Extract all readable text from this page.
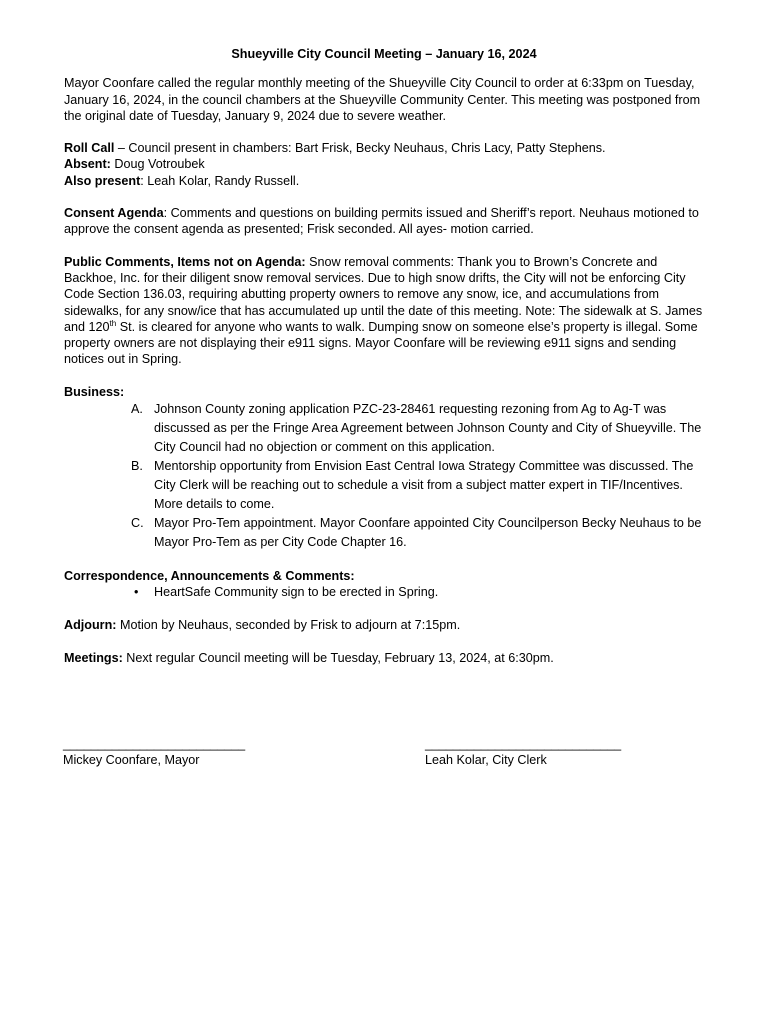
Shueyville City Council Meeting – January 16, 2024

Mayor Coonfare called the regular monthly meeting of the Shueyville City Council to order at 6:33pm on Tuesday, January 16, 2024, in the council chambers at the Shueyville Community Center. This meeting was postponed from the original date of Tuesday, January 9, 2024 due to severe weather.

Roll Call – Council present in chambers: Bart Frisk, Becky Neuhaus, Chris Lacy, Patty Stephens.
Absent: Doug Votroubek
Also present: Leah Kolar, Randy Russell.

Consent Agenda: Comments and questions on building permits issued and Sheriff’s report. Neuhaus motioned to approve the consent agenda as presented; Frisk seconded. All ayes- motion carried.

Public Comments, Items not on Agenda: Snow removal comments: Thank you to Brown’s Concrete and Backhoe, Inc. for their diligent snow removal services. Due to high snow drifts, the City will not be enforcing City Code Section 136.03, requiring abutting property owners to remove any snow, ice, and accumulations from sidewalks, for any snow/ice that has accumulated up until the date of this meeting. Note: The sidewalk at S. James and 120th St. is cleared for anyone who wants to walk. Dumping snow on someone else’s property is illegal. Some property owners are not displaying their e911 signs. Mayor Coonfare will be reviewing e911 signs and sending notices out in Spring.

Business:
A. Johnson County zoning application PZC-23-28461 requesting rezoning from Ag to Ag-T was discussed as per the Fringe Area Agreement between Johnson County and City of Shueyville. The City Council had no objection or comment on this application.
B. Mentorship opportunity from Envision East Central Iowa Strategy Committee was discussed. The City Clerk will be reaching out to schedule a visit from a subject matter expert in TIF/Incentives. More details to come.
C. Mayor Pro-Tem appointment. Mayor Coonfare appointed City Councilperson Becky Neuhaus to be Mayor Pro-Tem as per City Code Chapter 16.
Correspondence, Announcements & Comments:
• HeartSafe Community sign to be erected in Spring.

Adjourn: Motion by Neuhaus, seconded by Frisk to adjourn at 7:15pm.

Meetings: Next regular Council meeting will be Tuesday, February 13, 2024, at 6:30pm.

__________________________
Mickey Coonfare, Mayor
____________________________
Leah Kolar, City Clerk
